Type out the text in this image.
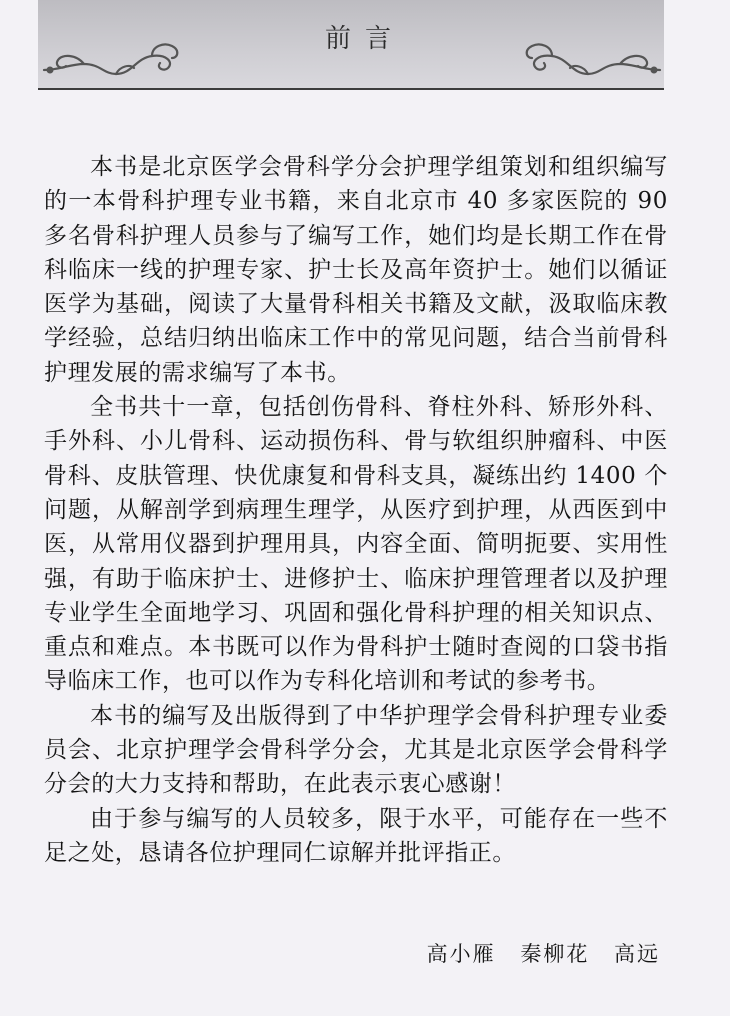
前言

本书是北京医学会骨科学分会护理学组策划和组织编写的一本骨科护理专业书籍，来自北京市 40 多家医院的 90 多名骨科护理人员参与了编写工作，她们均是长期工作在骨科临床一线的护理专家、护士长及高年资护士。她们以循证医学为基础，阅读了大量骨科相关书籍及文献，汲取临床教学经验，总结归纳出临床工作中的常见问题，结合当前骨科护理发展的需求编写了本书。

全书共十一章，包括创伤骨科、脊柱外科、矫形外科、手外科、小儿骨科、运动损伤科、骨与软组织肿瘤科、中医骨科、皮肤管理、快优康复和骨科支具，凝练出约 1400 个问题，从解剖学到病理生理学，从医疗到护理，从西医到中医，从常用仪器到护理用具，内容全面、简明扼要、实用性强，有助于临床护士、进修护士、临床护理管理者以及护理专业学生全面地学习、巩固和强化骨科护理的相关知识点、重点和难点。本书既可以作为骨科护士随时查阅的口袋书指导临床工作，也可以作为专科化培训和考试的参考书。

本书的编写及出版得到了中华护理学会骨科护理专业委员会、北京护理学会骨科学分会，尤其是北京医学会骨科学分会的大力支持和帮助，在此表示衷心感谢！

由于参与编写的人员较多，限于水平，可能存在一些不足之处，恳请各位护理同仁谅解并批评指正。

高小雁 秦柳花 高远
